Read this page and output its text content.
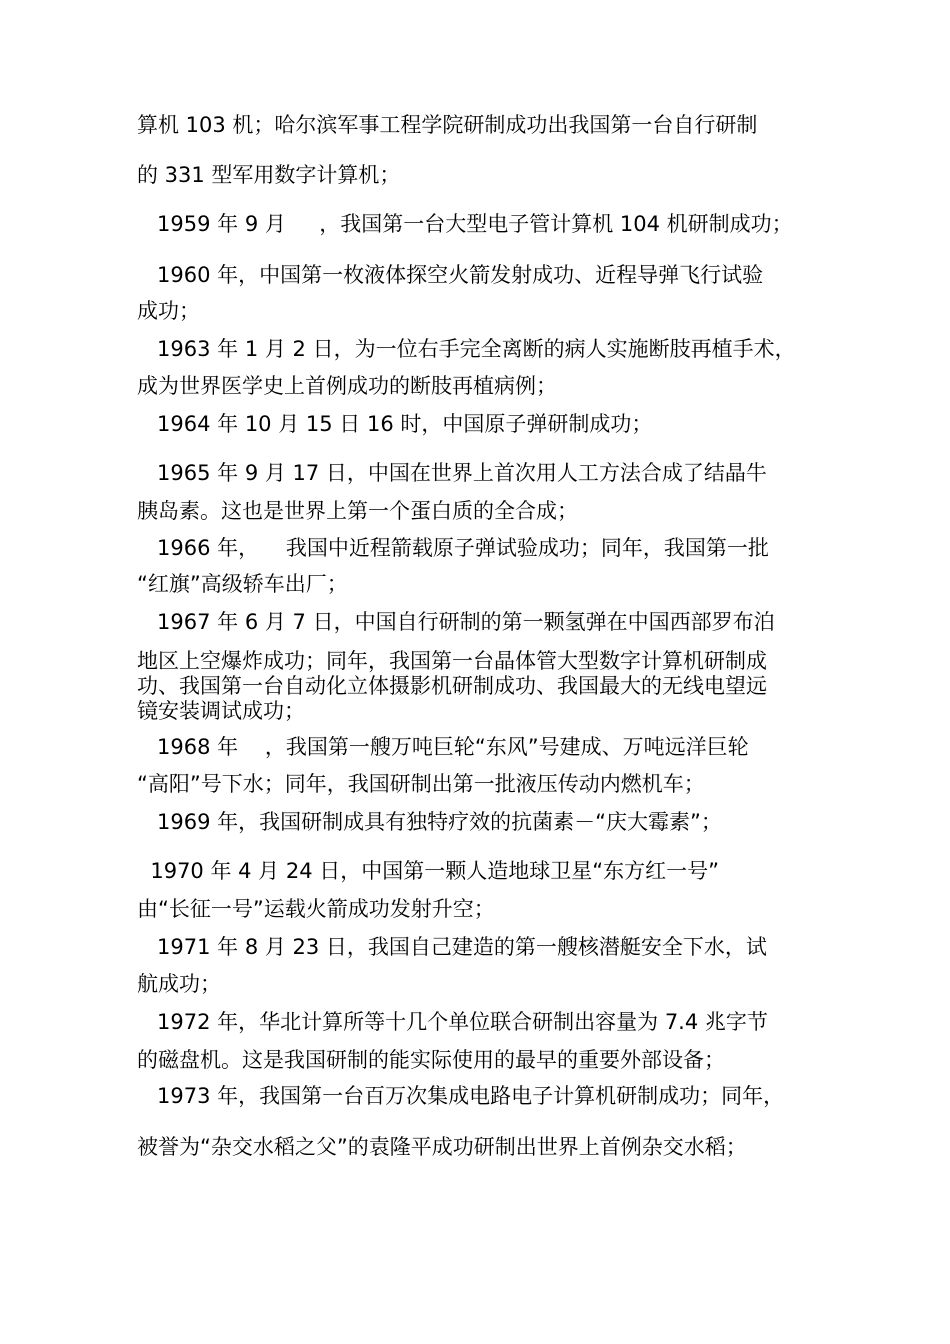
算机 103 机；哈尔滨军事工程学院研制成功出我国第一台自行研制
的 331 型军用数字计算机；
1959 年 9 月     ，我国第一台大型电子管计算机 104 机研制成功；
1960 年，中国第一枚液体探空火箭发射成功、近程导弹飞行试验
成功；
1963 年 1 月 2 日，为一位右手完全离断的病人实施断肢再植手术，
成为世界医学史上首例成功的断肢再植病例；
1964 年 10 月 15 日 16 时，中国原子弹研制成功；
1965 年 9 月 17 日，中国在世界上首次用人工方法合成了结晶牛
胰岛素。这也是世界上第一个蛋白质的全合成；
1966 年，    我国中近程箭载原子弹试验成功；同年，我国第一批
“红旗”高级轿车出厂；
1967 年 6 月 7 日，中国自行研制的第一颗氢弹在中国西部罗布泊
地区上空爆炸成功；同年，我国第一台晶体管大型数字计算机研制成
功、我国第一台自动化立体摄影机研制成功、我国最大的无线电望远
镜安装调试成功；
1968 年    ，我国第一艘万吨巨轮“东风”号建成、万吨远洋巨轮
“高阳”号下水；同年，我国研制出第一批液压传动内燃机车；
1969 年，我国研制成具有独特疗效的抗菌素－“庆大霉素”；
1970 年 4 月 24 日，中国第一颗人造地球卫星“东方红一号”
由“长征一号”运载火箭成功发射升空；
1971 年 8 月 23 日，我国自己建造的第一艘核潜艇安全下水，试
航成功；
1972 年，华北计算所等十几个单位联合研制出容量为 7.4 兆字节
的磁盘机。这是我国研制的能实际使用的最早的重要外部设备；
1973 年，我国第一台百万次集成电路电子计算机研制成功；同年，
被誉为“杂交水稻之父”的袁隆平成功研制出世界上首例杂交水稻；
